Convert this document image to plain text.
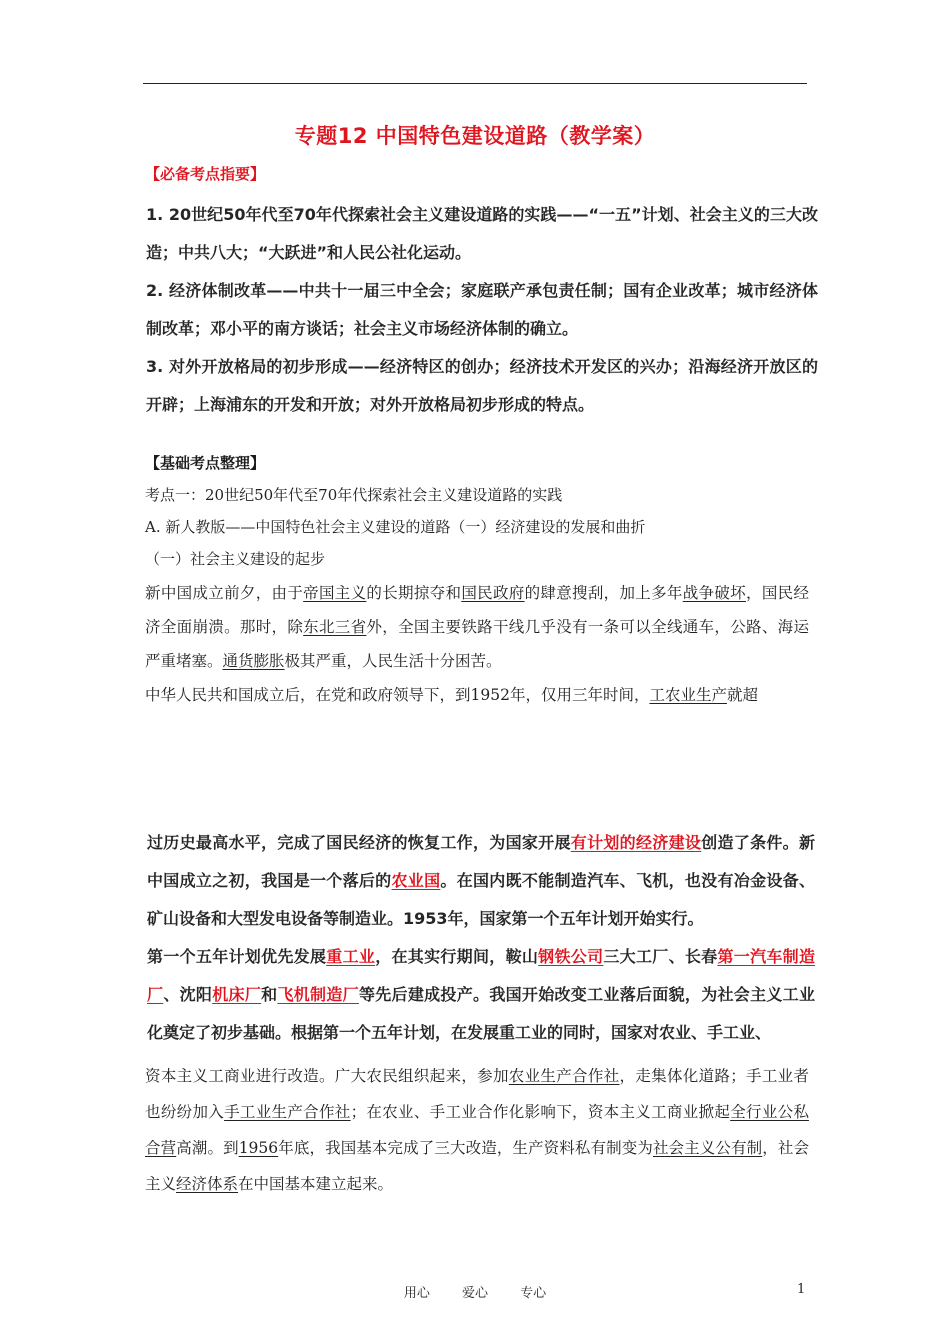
专题12 中国特色建设道路（教学案）
【必备考点指要】

1. 20世纪50年代至70年代探索社会主义建设道路的实践——“一五”计划、社会主义的三大改造；中共八大；“大跃进”和人民公社化运动。

2. 经济体制改革——中共十一届三中全会；家庭联产承包责任制；国有企业改革；城市经济体制改革；邓小平的南方谈话；社会主义市场经济体制的确立。

3. 对外开放格局的初步形成——经济特区的创办；经济技术开发区的兴办；沿海经济开放区的开辟；上海浦东的开发和开放；对外开放格局初步形成的特点。

【基础考点整理】
考点一：20世纪50年代至70年代探索社会主义建设道路的实践
A. 新人教版——中国特色社会主义建设的道路（一）经济建设的发展和曲折
（一）社会主义建设的起步

新中国成立前夕，由于帝国主义的长期掠夺和国民政府的肆意搜刮，加上多年战争破坏，国民经济全面崩溃。那时，除东北三省外，全国主要铁路干线几乎没有一条可以全线通车，公路、海运严重堵塞。通货膨胀极其严重，人民生活十分困苦。

中华人民共和国成立后，在党和政府领导下，到1952年，仅用三年时间，工农业生产就超

过历史最高水平，完成了国民经济的恢复工作，为国家开展有计划的经济建设创造了条件。新中国成立之初，我国是一个落后的农业国。在国内既不能制造汽车、飞机，也没有冶金设备、矿山设备和大型发电设备等制造业。1953年，国家第一个五年计划开始实行。

第一个五年计划优先发展重工业，在其实行期间，鞍山钢铁公司三大工厂、长春第一汽车制造厂、沈阳机床厂和飞机制造厂等先后建成投产。我国开始改变工业落后面貌，为社会主义工业化奠定了初步基础。根据第一个五年计划，在发展重工业的同时，国家对农业、手工业、

资本主义工商业进行改造。广大农民组织起来，参加农业生产合作社，走集体化道路；手工业者也纷纷加入手工业生产合作社；在农业、手工业合作化影响下，资本主义工商业掀起全行业公私合营高潮。到1956年底，我国基本完成了三大改造，生产资料私有制变为社会主义公有制，社会主义经济体系在中国基本建立起来。

用心 爱心 专心	1
